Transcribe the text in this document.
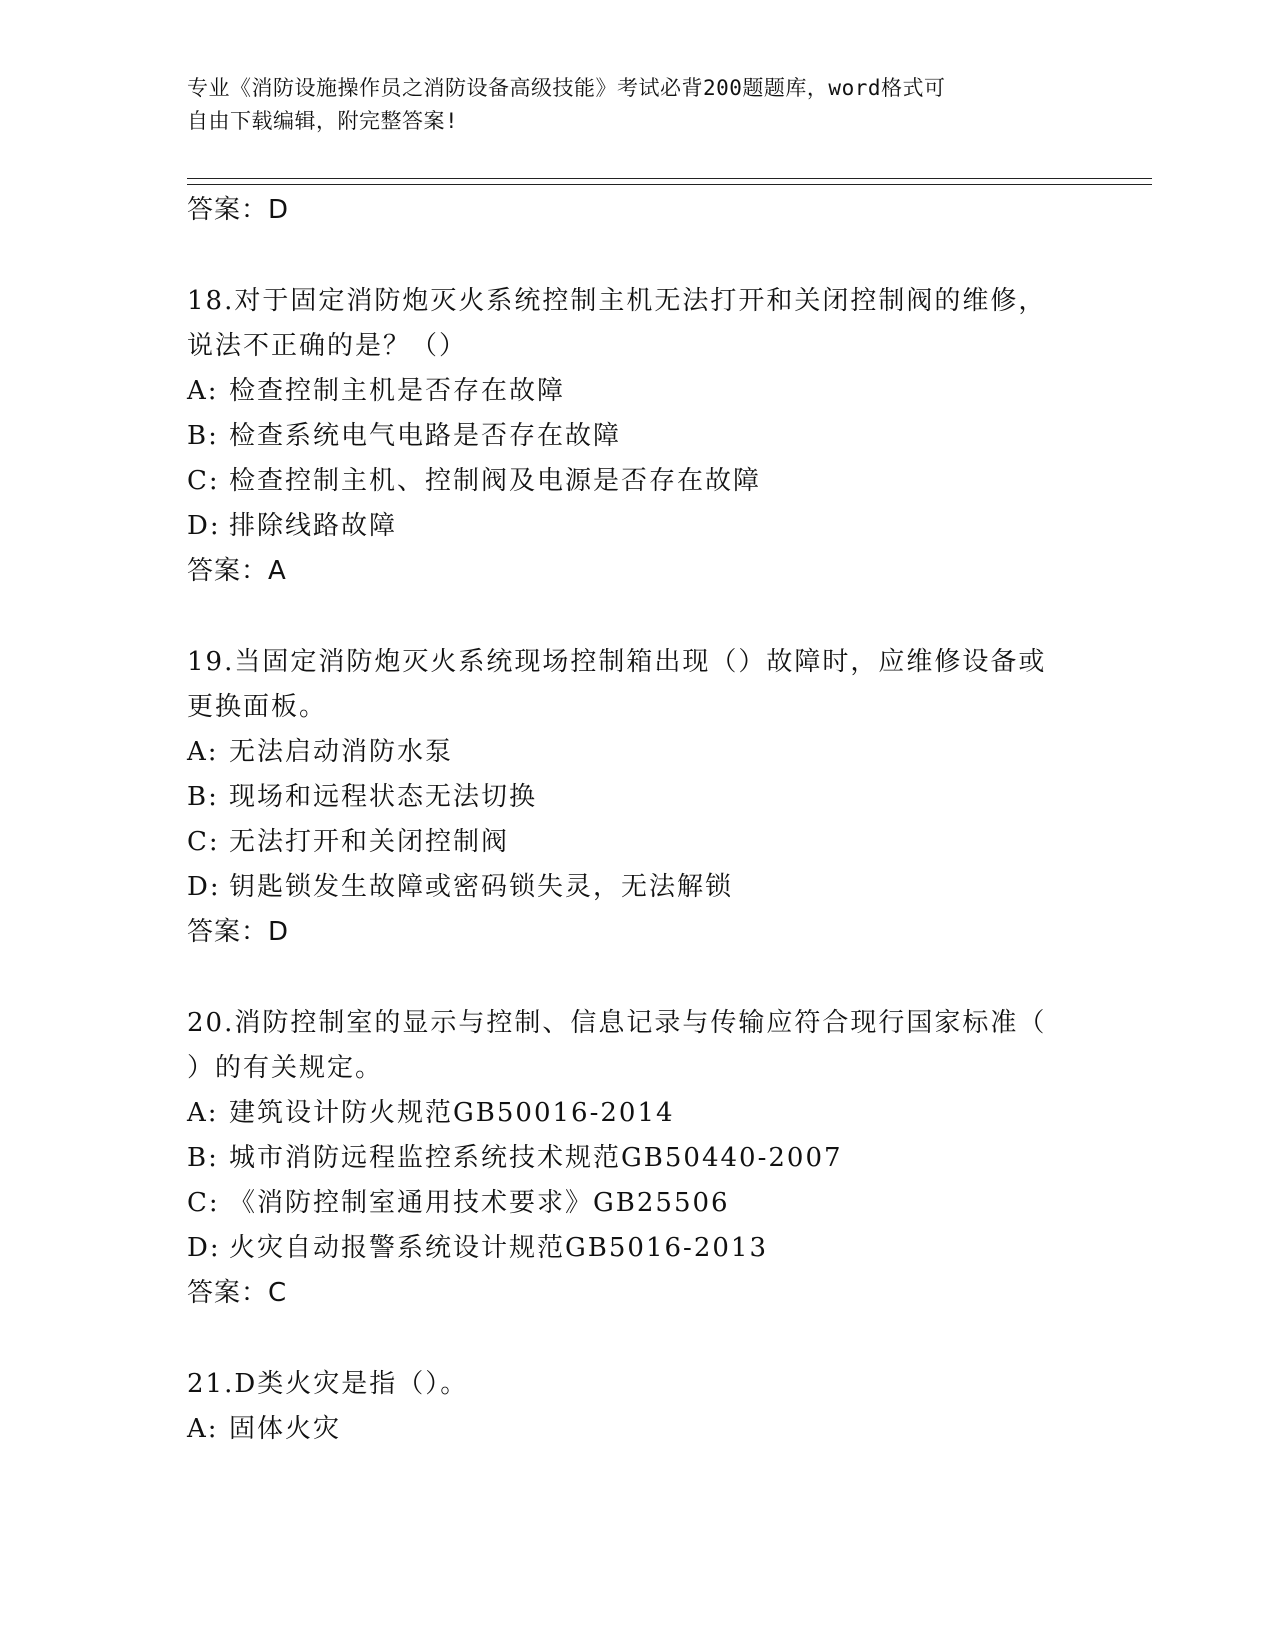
专业《消防设施操作员之消防设备高级技能》考试必背200题题库，word格式可
自由下载编辑，附完整答案!
答案：D
18.对于固定消防炮灭火系统控制主机无法打开和关闭控制阀的维修，
说法不正确的是？（）
A: 检查控制主机是否存在故障
B: 检查系统电气电路是否存在故障
C: 检查控制主机、控制阀及电源是否存在故障
D: 排除线路故障
答案：A
19.当固定消防炮灭火系统现场控制箱出现（）故障时，应维修设备或
更换面板。
A: 无法启动消防水泵
B: 现场和远程状态无法切换
C: 无法打开和关闭控制阀
D: 钥匙锁发生故障或密码锁失灵，无法解锁
答案：D
20.消防控制室的显示与控制、信息记录与传输应符合现行国家标准（
）的有关规定。
A: 建筑设计防火规范GB50016-2014
B: 城市消防远程监控系统技术规范GB50440-2007
C: 《消防控制室通用技术要求》GB25506
D: 火灾自动报警系统设计规范GB5016-2013
答案：C
21.D类火灾是指（）。
A: 固体火灾
